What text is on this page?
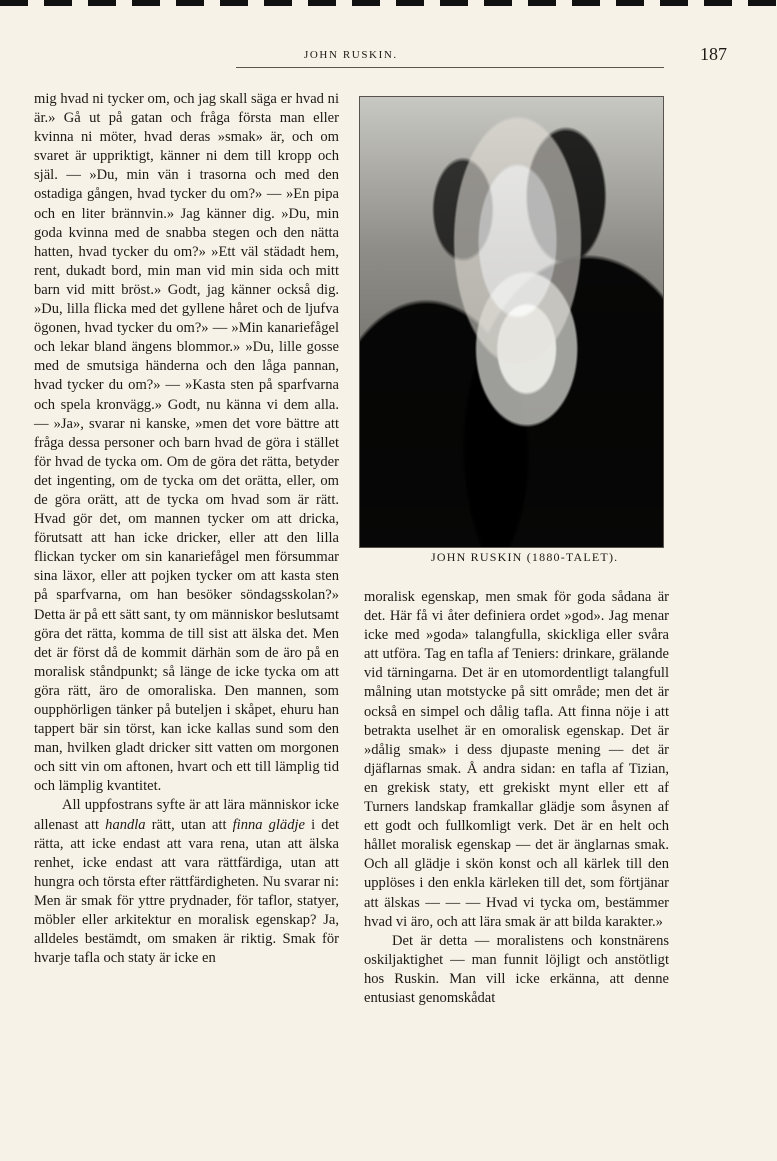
JOHN RUSKIN.	187

mig hvad ni tycker om, och jag skall säga er hvad ni är.» Gå ut på gatan och fråga första man eller kvinna ni möter, hvad deras »smak» är, och om svaret är uppriktigt, känner ni dem till kropp och själ. — »Du, min vän i trasorna och med den ostadiga gången, hvad tycker du om?» — »En pipa och en liter brännvin.» Jag känner dig. »Du, min goda kvinna med de snabba stegen och den nätta hatten, hvad tycker du om?» »Ett väl städadt hem, rent, dukadt bord, min man vid min sida och mitt barn vid mitt bröst.» Godt, jag känner också dig. »Du, lilla flicka med det gyllene håret och de ljufva ögonen, hvad tycker du om?» — »Min kanariefågel och lekar bland ängens blommor.» »Du, lille gosse med de smutsiga händerna och den låga pannan, hvad tycker du om?» — »Kasta sten på sparfvarna och spela kronvägg.» Godt, nu känna vi dem alla. — »Ja», svarar ni kanske, »men det vore bättre att fråga dessa personer och barn hvad de göra i stället för hvad de tycka om. Om de göra det rätta, betyder det ingenting, om de tycka om det orätta, eller, om de göra orätt, att de tycka om hvad som är rätt. Hvad gör det, om mannen tycker om att dricka, förutsatt att han icke dricker, eller att den lilla flickan tycker om sin kanariefågel men försummar sina läxor, eller att pojken tycker om att kasta sten på sparfvarna, om han besöker söndagsskolan?» Detta är på ett sätt sant, ty om människor beslutsamt göra det rätta, komma de till sist att älska det. Men det är först då de kommit därhän som de äro på en moralisk ståndpunkt; så länge de icke tycka om att göra rätt, äro de omoraliska. Den mannen, som oupphörligen tänker på buteljen i skåpet, ehuru han tappert bär sin törst, kan icke kallas sund som den man, hvilken gladt dricker sitt vatten om morgonen och sitt vin om aftonen, hvart och ett till lämplig tid och lämplig kvantitet.

All uppfostrans syfte är att lära människor icke allenast att handla rätt, utan att finna glädje i det rätta, att icke endast att vara rena, utan att älska renhet, icke endast att vara rättfärdiga, utan att hungra och törsta efter rättfärdigheten. Nu svarar ni: Men är smak för yttre prydnader, för taflor, statyer, möbler eller arkitektur en moralisk egenskap? Ja, alldeles bestämdt, om smaken är riktig. Smak för hvarje tafla och staty är icke en

JOHN RUSKIN (1880-TALET).

moralisk egenskap, men smak för goda sådana är det. Här få vi åter definiera ordet »god». Jag menar icke med »goda» talangfulla, skickliga eller svåra att utföra. Tag en tafla af Teniers: drinkare, grälande vid tärningarna. Det är en utomordentligt talangfull målning utan motstycke på sitt område; men det är också en simpel och dålig tafla. Att finna nöje i att betrakta uselhet är en omoralisk egenskap. Det är »dålig smak» i dess djupaste mening — det är djäflarnas smak. Å andra sidan: en tafla af Tizian, en grekisk staty, ett grekiskt mynt eller ett af Turners landskap framkallar glädje som åsynen af ett godt och fullkomligt verk. Det är en helt och hållet moralisk egenskap — det är änglarnas smak. Och all glädje i skön konst och all kärlek till den upplöses i den enkla kärleken till det, som förtjänar att älskas — — — Hvad vi tycka om, bestämmer hvad vi äro, och att lära smak är att bilda karakter.»

Det är detta — moralistens och konstnärens oskiljaktighet — man funnit löjligt och anstötligt hos Ruskin. Man vill icke erkänna, att denne entusiast genomskådat
